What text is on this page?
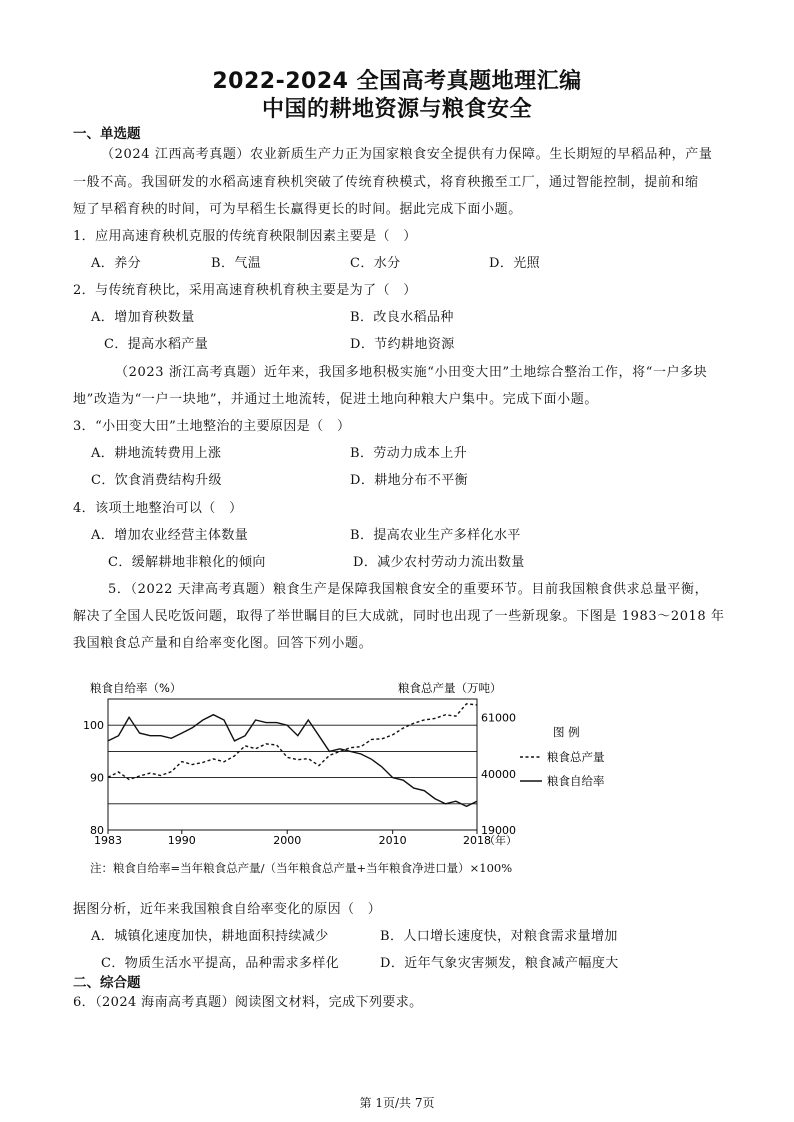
2022-2024 全国高考真题地理汇编
中国的耕地资源与粮食安全
一、单选题
（2024 江西高考真题）农业新质生产力正为国家粮食安全提供有力保障。生长期短的早稻品种，产量
一般不高。我国研发的水稻高速育秧机突破了传统育秧模式，将育秧搬至工厂，通过智能控制，提前和缩
短了早稻育秧的时间，可为早稻生长赢得更长的时间。据此完成下面小题。
1．应用高速育秧机克服的传统育秧限制因素主要是（　）
A．养分	B．气温	C．水分	D．光照
2．与传统育秧比，采用高速育秧机育秧主要是为了（　）
A．增加育秧数量	B．改良水稻品种
C．提高水稻产量	D．节约耕地资源
（2023 浙江高考真题）近年来，我国多地积极实施“小田变大田”土地综合整治工作，将“一户多块
地”改造为“一户一块地”，并通过土地流转，促进土地向种粮大户集中。完成下面小题。
3．“小田变大田”土地整治的主要原因是（　）
A．耕地流转费用上涨	B．劳动力成本上升
C．饮食消费结构升级	D．耕地分布不平衡
4．该项土地整治可以（　）
A．增加农业经营主体数量	B．提高农业生产多样化水平
C．缓解耕地非粮化的倾向	D．减少农村劳动力流出数量
5．（2022 天津高考真题）粮食生产是保障我国粮食安全的重要环节。目前我国粮食供求总量平衡，
解决了全国人民吃饭问题，取得了举世瞩目的巨大成就，同时也出现了一些新现象。下图是 1983～2018 年
我国粮食总产量和自给率变化图。回答下列小题。
粮食自给率（%）	粮食总产量（万吨）
图 例
粮食总产量
粮食自给率
（年）
100
90
80
61000
40000
19000
1983	1990	2000	2010	2018
注：粮食自给率=当年粮食总产量/（当年粮食总产量+当年粮食净进口量）×100%
据图分析，近年来我国粮食自给率变化的原因（　）
A．城镇化速度加快，耕地面积持续减少	B．人口增长速度快，对粮食需求量增加
C．物质生活水平提高，品种需求多样化	D．近年气象灾害频发，粮食减产幅度大
二、综合题
6．（2024 海南高考真题）阅读图文材料，完成下列要求。
第 1页/共 7页
